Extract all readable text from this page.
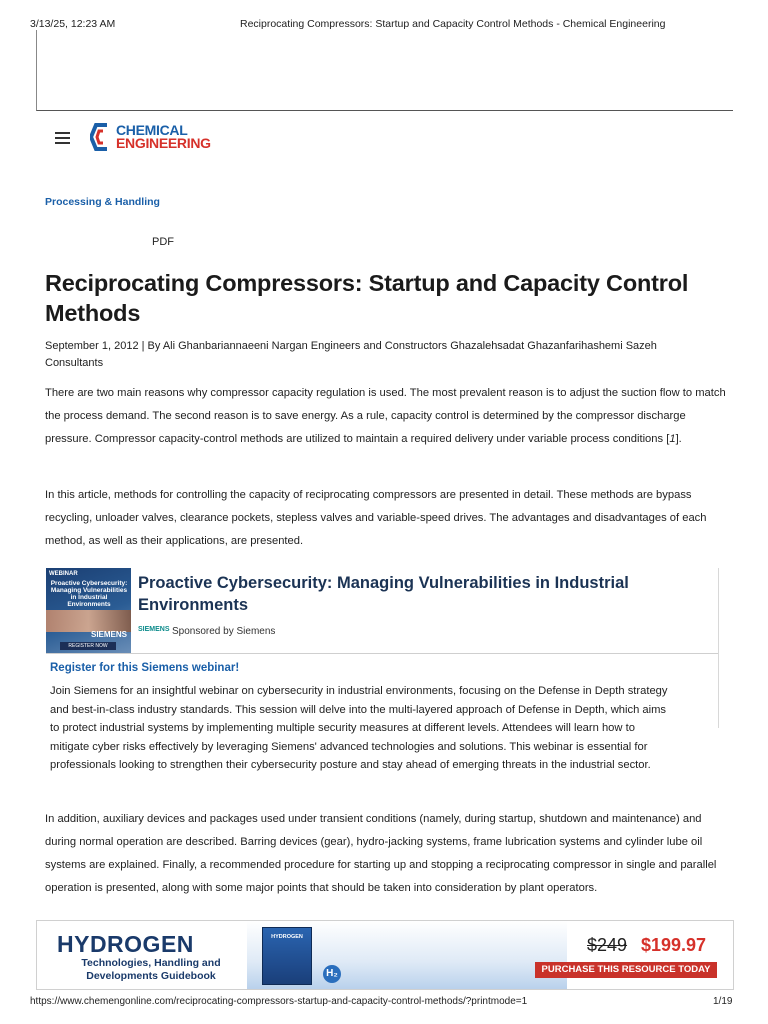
3/13/25, 12:23 AM	Reciprocating Compressors: Startup and Capacity Control Methods - Chemical Engineering
CHEMICAL
ENGINEERING
Processing & Handling
PDF
Reciprocating Compressors: Startup and Capacity Control Methods
September 1, 2012 | By Ali Ghanbariannaeeni Nargan Engineers and Constructors Ghazalehsadat Ghazanfarihashemi Sazeh Consultants

There are two main reasons why compressor capacity regulation is used. The most prevalent reason is to adjust the suction flow to match the process demand. The second reason is to save energy. As a rule, capacity control is determined by the compressor discharge pressure. Compressor capacity-control methods are utilized to maintain a required delivery under variable process conditions [1].

In this article, methods for controlling the capacity of reciprocating compressors are presented in detail. These methods are bypass recycling, unloader valves, clearance pockets, stepless valves and variable-speed drives. The advantages and disadvantages of each method, as well as their applications, are presented.

WEBINAR
Proactive Cybersecurity: Managing Vulnerabilities in Industrial Environments
SIEMENS
REGISTER NOW
Proactive Cybersecurity: Managing Vulnerabilities in Industrial Environments
SIEMENS Sponsored by Siemens
Register for this Siemens webinar!
Join Siemens for an insightful webinar on cybersecurity in industrial environments, focusing on the Defense in Depth strategy and best-in-class industry standards. This session will delve into the multi-layered approach of Defense in Depth, which aims to protect industrial systems by implementing multiple security measures at different levels. Attendees will learn how to mitigate cyber risks effectively by leveraging Siemens' advanced technologies and solutions. This webinar is essential for professionals looking to strengthen their cybersecurity posture and stay ahead of emerging threats in the industrial sector.

In addition, auxiliary devices and packages used under transient conditions (namely, during startup, shutdown and maintenance) and during normal operation are described. Barring devices (gear), hydro-jacking systems, frame lubrication systems and cylinder lube oil systems are explained. Finally, a recommended procedure for starting up and stopping a reciprocating compressor in single and parallel operation is presented, along with some major points that should be taken into consideration by plant operators.

HYDROGEN
Technologies, Handling and Developments Guidebook
HYDROGEN
H₂
$249 $199.97
PURCHASE THIS RESOURCE TODAY
https://www.chemengonline.com/reciprocating-compressors-startup-and-capacity-control-methods/?printmode=1	1/19
